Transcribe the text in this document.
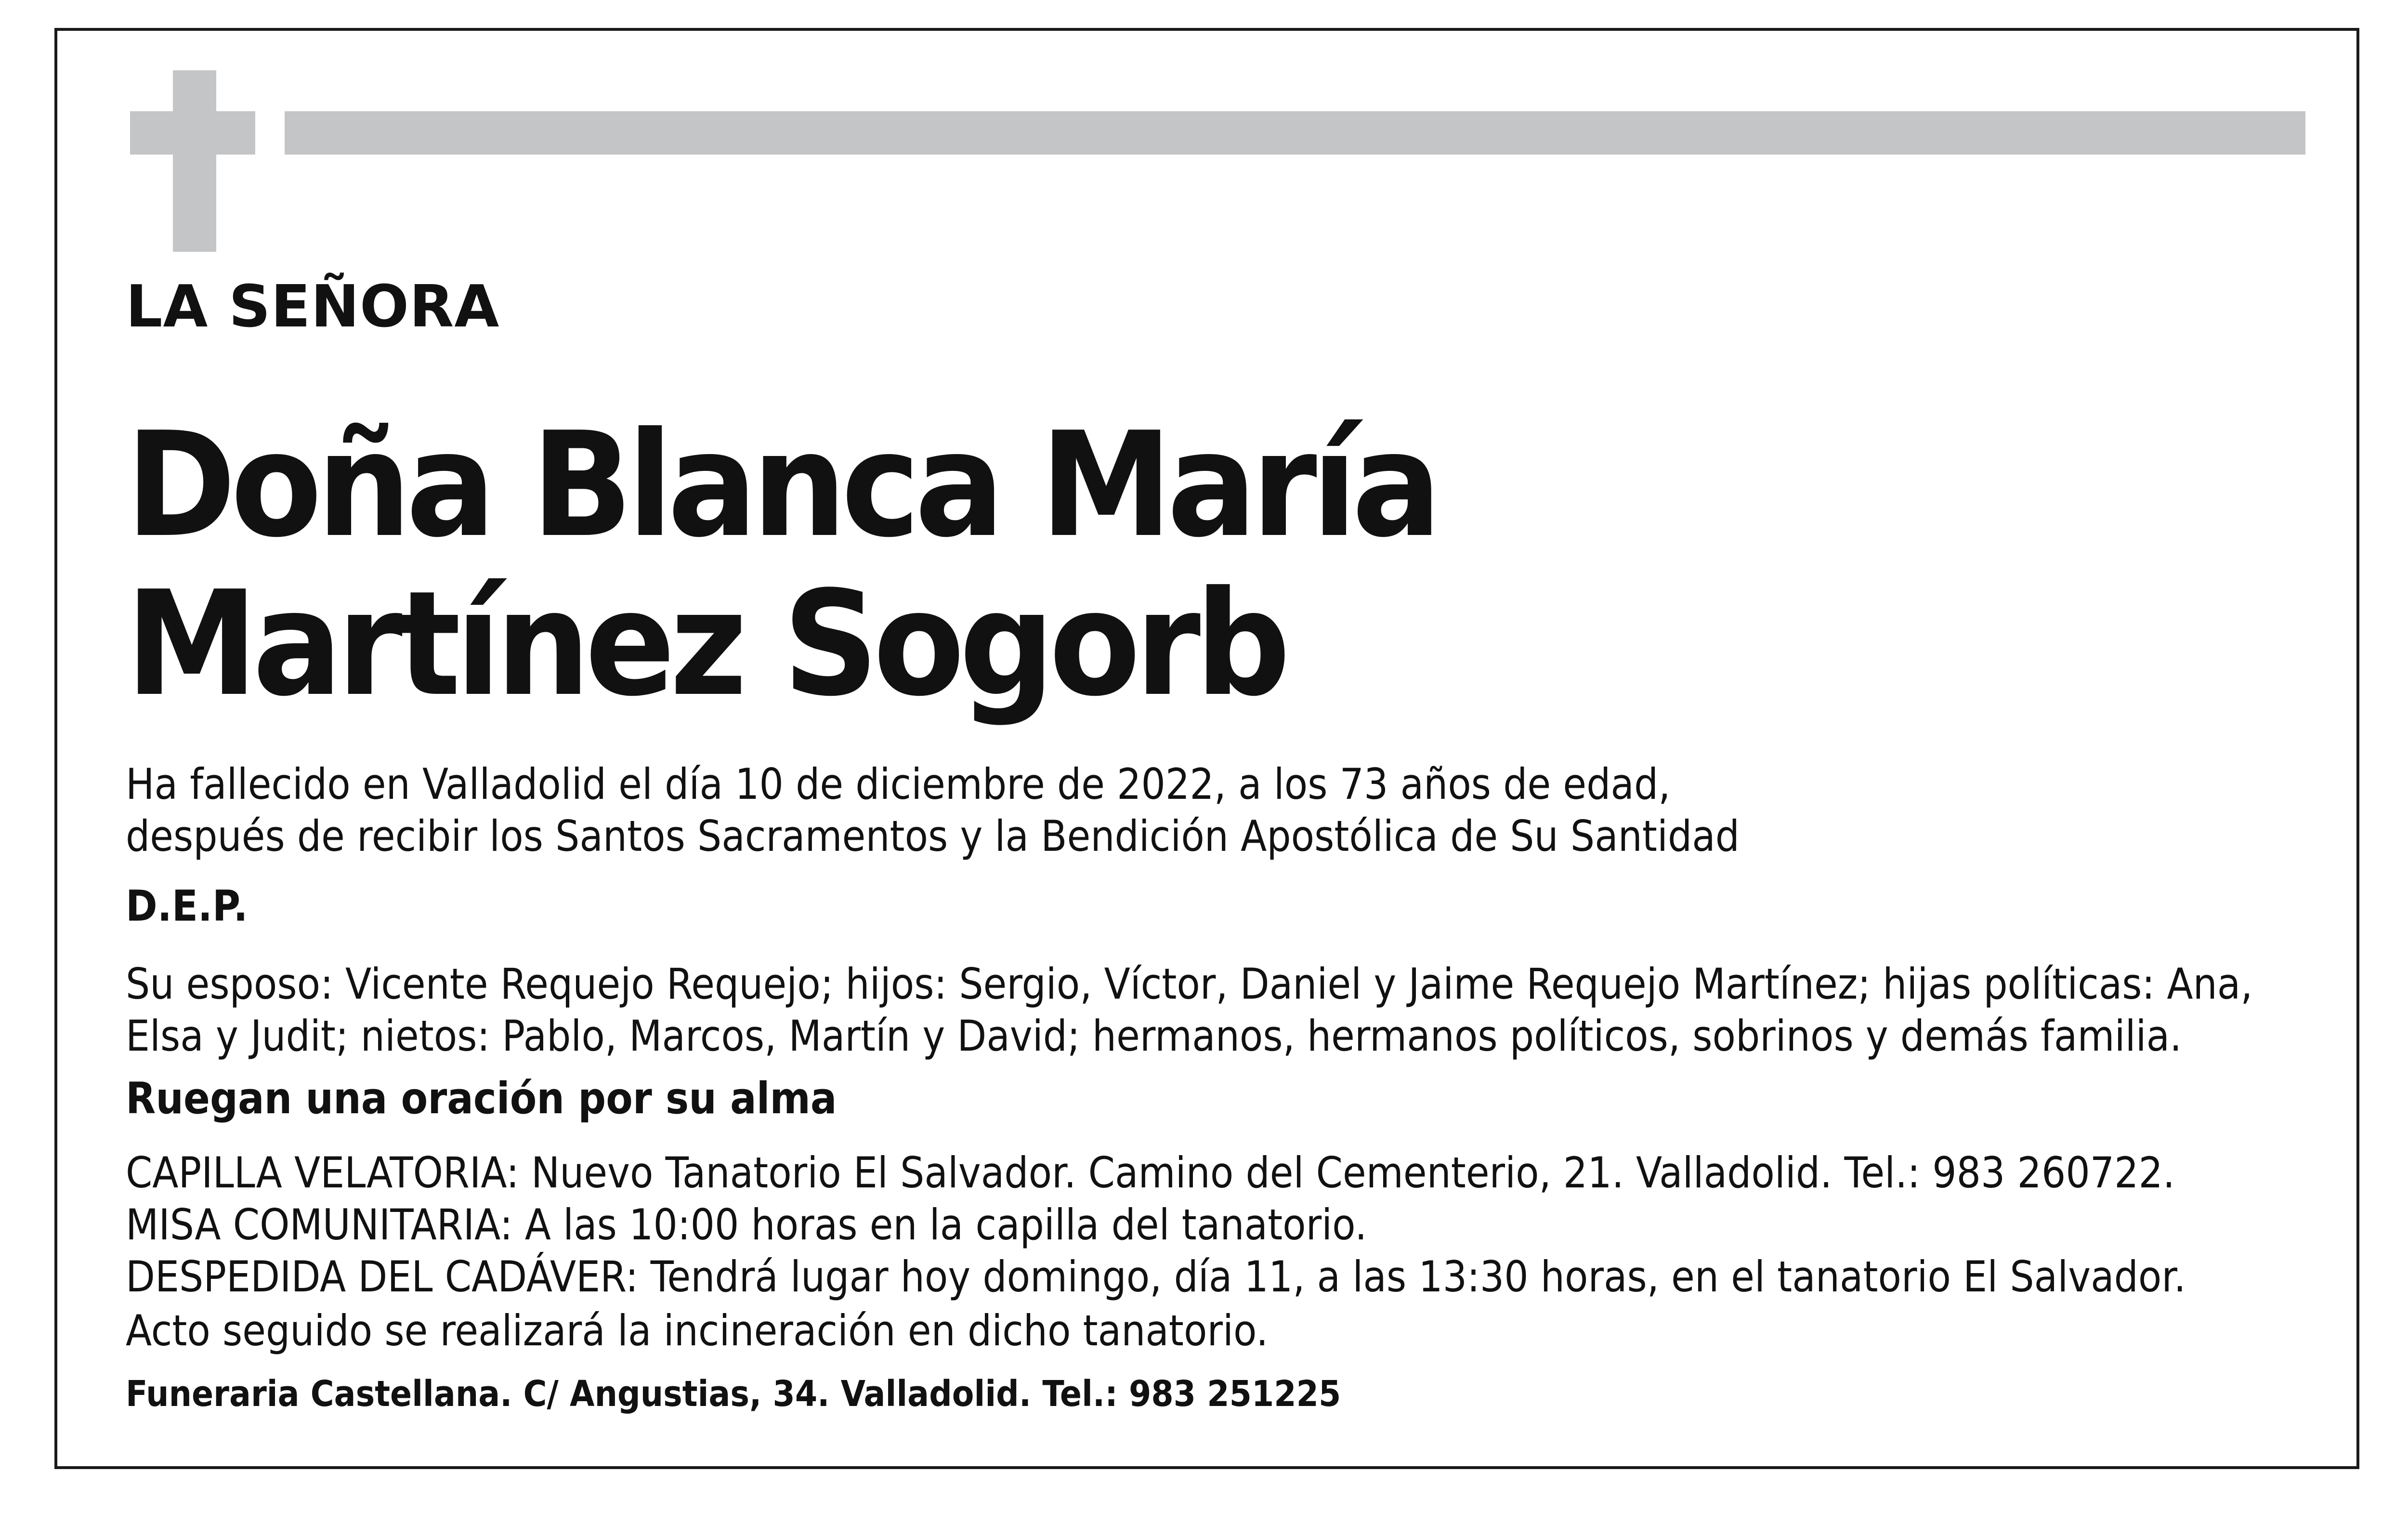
LA SEÑORA

Doña Blanca María
Martínez Sogorb
Ha fallecido en Valladolid el día 10 de diciembre de 2022, a los 73 años de edad,
después de recibir los Santos Sacramentos y la Bendición Apostólica de Su Santidad

D.E.P.

Su esposo: Vicente Requejo Requejo; hijos: Sergio, Víctor, Daniel y Jaime Requejo Martínez; hijas políticas: Ana,
Elsa y Judit; nietos: Pablo, Marcos, Martín y David; hermanos, hermanos políticos, sobrinos y demás familia.

Ruegan una oración por su alma

CAPILLA VELATORIA: Nuevo Tanatorio El Salvador. Camino del Cementerio, 21. Valladolid. Tel.: 983 260722.
MISA COMUNITARIA: A las 10:00 horas en la capilla del tanatorio.
DESPEDIDA DEL CADÁVER: Tendrá lugar hoy domingo, día 11, a las 13:30 horas, en el tanatorio El Salvador.

Acto seguido se realizará la incineración en dicho tanatorio.

Funeraria Castellana. C/ Angustias, 34. Valladolid. Tel.: 983 251225
